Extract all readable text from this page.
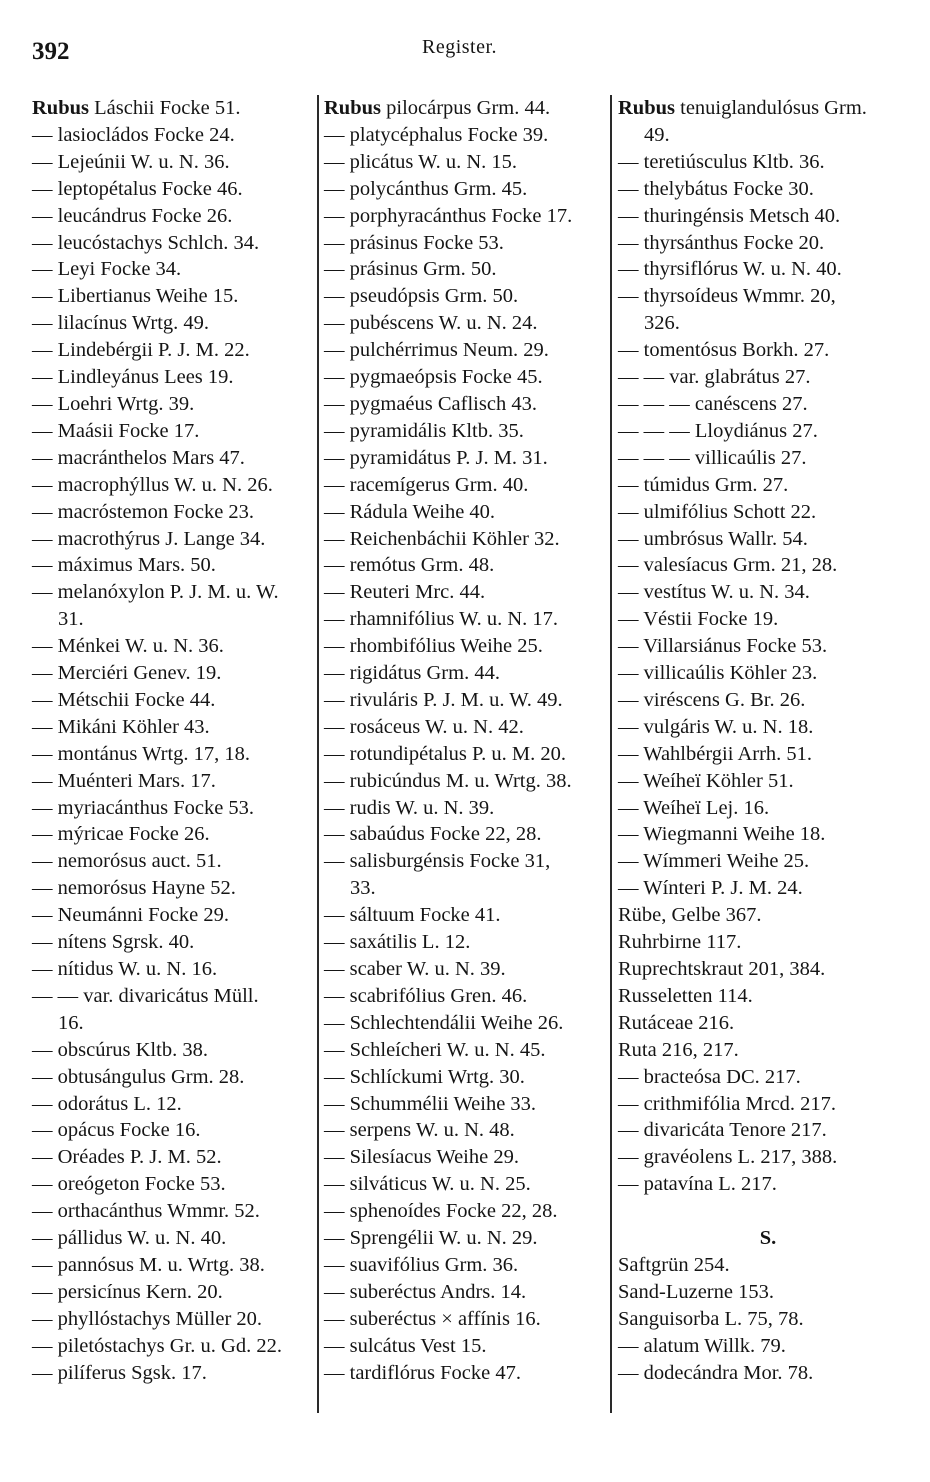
392	Register.
Rubus Láschii Focke 51.
— lasiocládos Focke 24.
— Lejeúnii W. u. N. 36.
— leptopétalus Focke 46.
— leucándrus Focke 26.
— leucóstachys Schlch. 34.
— Leyi Focke 34.
— Libertianus Weihe 15.
— lilacínus Wrtg. 49.
— Lindebérgii P. J. M. 22.
— Lindleyánus Lees 19.
— Loehri Wrtg. 39.
— Maásii Focke 17.
— macránthelos Mars 47.
— macrophýllus W. u. N. 26.
— macróstemon Focke 23.
— macrothýrus J. Lange 34.
— máximus Mars. 50.
— melanóxylon P. J. M. u. W.
31.
— Ménkei W. u. N. 36.
— Merciéri Genev. 19.
— Métschii Focke 44.
— Mikáni Köhler 43.
— montánus Wrtg. 17, 18.
— Muénteri Mars. 17.
— myriacánthus Focke 53.
— mýricae Focke 26.
— nemorósus auct. 51.
— nemorósus Hayne 52.
— Neumánni Focke 29.
— nítens Sgrsk. 40.
— nítidus W. u. N. 16.
— — var. divaricátus Müll.
16.
— obscúrus Kltb. 38.
— obtusángulus Grm. 28.
— odorátus L. 12.
— opácus Focke 16.
— Oréades P. J. M. 52.
— oreógeton Focke 53.
— orthacánthus Wmmr. 52.
— pállidus W. u. N. 40.
— pannósus M. u. Wrtg. 38.
— persicínus Kern. 20.
— phyllóstachys Müller 20.
— piletóstachys Gr. u. Gd. 22.
— pilíferus Sgsk. 17.
Rubus pilocárpus Grm. 44.
— platycéphalus Focke 39.
— plicátus W. u. N. 15.
— polycánthus Grm. 45.
— porphyracánthus Focke 17.
— prásinus Focke 53.
— prásinus Grm. 50.
— pseudópsis Grm. 50.
— pubéscens W. u. N. 24.
— pulchérrimus Neum. 29.
— pygmaeópsis Focke 45.
— pygmaéus Caflisch 43.
— pyramidális Kltb. 35.
— pyramidátus P. J. M. 31.
— racemígerus Grm. 40.
— Rádula Weihe 40.
— Reichenbáchii Köhler 32.
— remótus Grm. 48.
— Reuteri Mrc. 44.
— rhamnifólius W. u. N. 17.
— rhombifólius Weihe 25.
— rigidátus Grm. 44.
— rivuláris P. J. M. u. W. 49.
— rosáceus W. u. N. 42.
— rotundipétalus P. u. M. 20.
— rubicúndus M. u. Wrtg. 38.
— rudis W. u. N. 39.
— sabaúdus Focke 22, 28.
— salisburgénsis Focke 31,
33.
— sáltuum Focke 41.
— saxátilis L. 12.
— scaber W. u. N. 39.
— scabrifólius Gren. 46.
— Schlechtendálii Weihe 26.
— Schleícheri W. u. N. 45.
— Schlíckumi Wrtg. 30.
— Schummélii Weihe 33.
— serpens W. u. N. 48.
— Silesíacus Weihe 29.
— silváticus W. u. N. 25.
— sphenoídes Focke 22, 28.
— Sprengélii W. u. N. 29.
— suavifólius Grm. 36.
— suberéctus Andrs. 14.
— suberéctus × affínis 16.
— sulcátus Vest 15.
— tardiflórus Focke 47.
Rubus tenuiglandulósus Grm.
49.
— teretiúsculus Kltb. 36.
— thelybátus Focke 30.
— thuringénsis Metsch 40.
— thyrsánthus Focke 20.
— thyrsiflórus W. u. N. 40.
— thyrsoídeus Wmmr. 20,
326.
— tomentósus Borkh. 27.
— — var. glabrátus 27.
— — — canéscens 27.
— — — Lloydiánus 27.
— — — villicaúlis 27.
— túmidus Grm. 27.
— ulmifólius Schott 22.
— umbrósus Wallr. 54.
— valesíacus Grm. 21, 28.
— vestítus W. u. N. 34.
— Véstii Focke 19.
— Villarsiánus Focke 53.
— villicaúlis Köhler 23.
— viréscens G. Br. 26.
— vulgáris W. u. N. 18.
— Wahlbérgii Arrh. 51.
— Weíheï Köhler 51.
— Weíheï Lej. 16.
— Wiegmanni Weihe 18.
— Wímmeri Weihe 25.
— Wínteri P. J. M. 24.
Rübe, Gelbe 367.
Ruhrbirne 117.
Ruprechtskraut 201, 384.
Russeletten 114.
Rutáceae 216.
Ruta 216, 217.
— bracteósa DC. 217.
— crithmifólia Mrcd. 217.
— divaricáta Tenore 217.
— gravéolens L. 217, 388.
— patavína L. 217.
S.
Saftgrün 254.
Sand-Luzerne 153.
Sanguisorba L. 75, 78.
— alatum Willk. 79.
— dodecándra Mor. 78.
